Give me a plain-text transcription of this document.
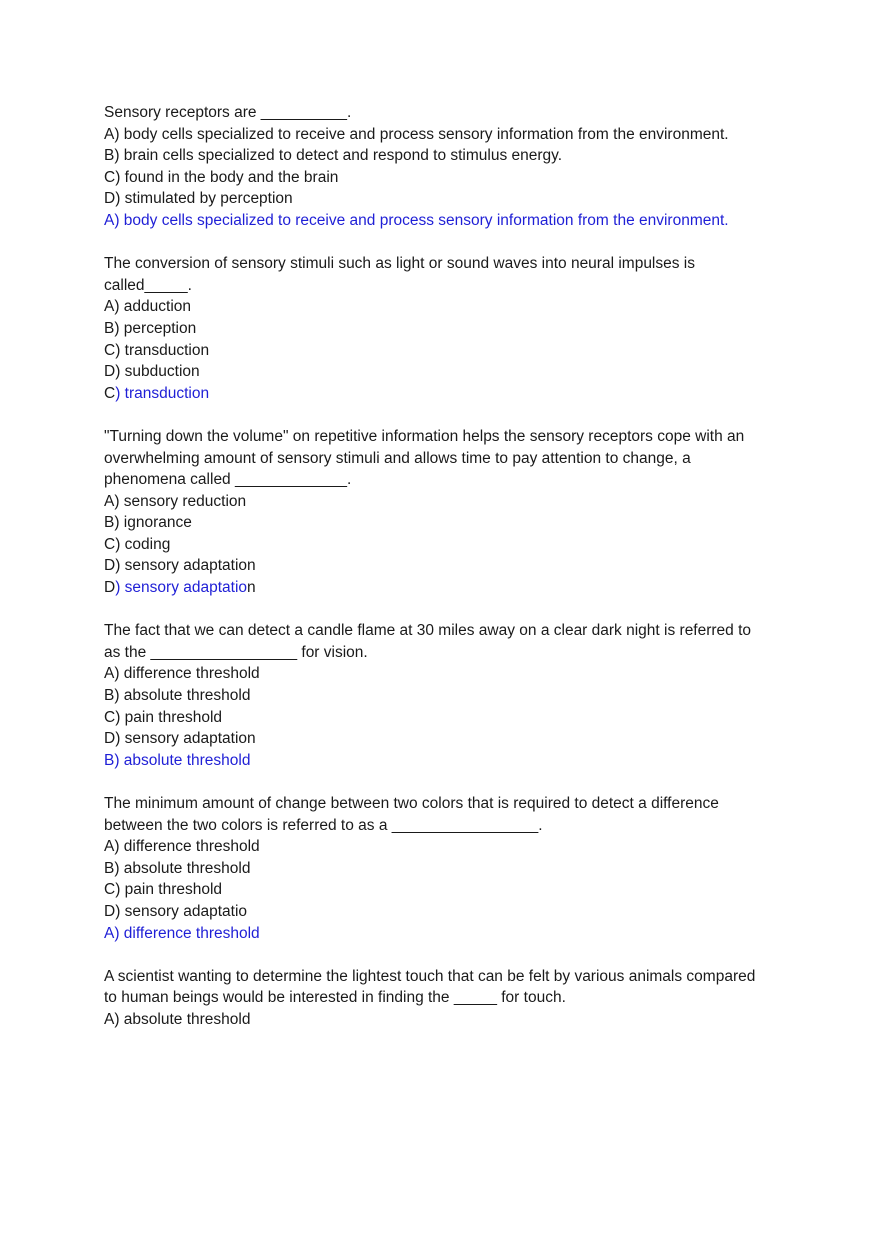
Sensory receptors are __________.
A) body cells specialized to receive and process sensory information from the environment.
B) brain cells specialized to detect and respond to stimulus energy.
C) found in the body and the brain
D) stimulated by perception
A) body cells specialized to receive and process sensory information from the environment.
The conversion of sensory stimuli such as light or sound waves into neural impulses is
called_____.
A) adduction
B) perception
C) transduction
D) subduction
C) transduction
"Turning down the volume" on repetitive information helps the sensory receptors cope with an
overwhelming amount of sensory stimuli and allows time to pay attention to change, a
phenomena called _____________.
A) sensory reduction
B) ignorance
C) coding
D) sensory adaptation
D) sensory adaptation
The fact that we can detect a candle flame at 30 miles away on a clear dark night is referred to
as the _________________ for vision.
A) difference threshold
B) absolute threshold
C) pain threshold
D) sensory adaptation
B) absolute threshold
The minimum amount of change between two colors that is required to detect a difference
between the two colors is referred to as a _________________.
A) difference threshold
B) absolute threshold
C) pain threshold
D) sensory adaptatio
A) difference threshold
A scientist wanting to determine the lightest touch that can be felt by various animals compared
to human beings would be interested in finding the _____ for touch.
A) absolute threshold
